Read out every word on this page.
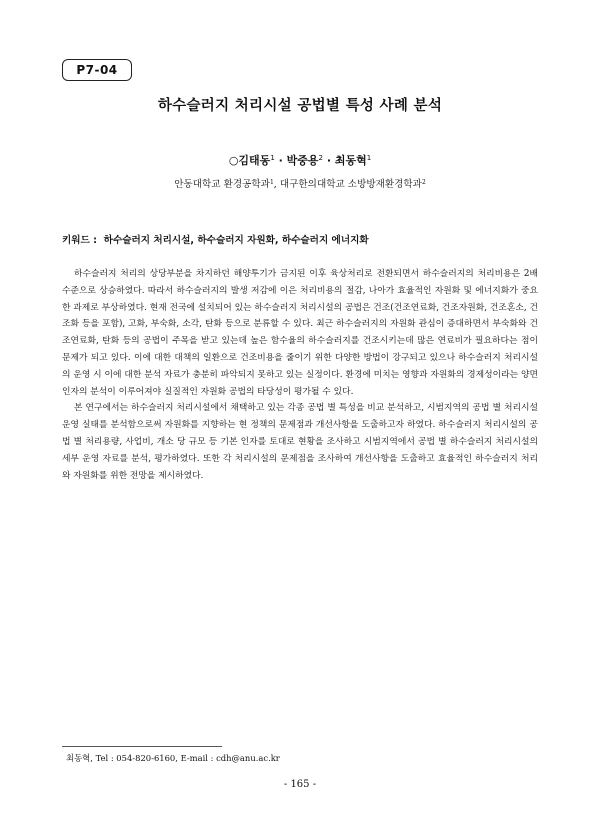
P7-04
하수슬러지 처리시설 공법별 특성 사례 분석
○김태동$^1$ · 박중용$^2$ · 최동혁$^1$
안동대학교 환경공학과$^1$, 대구한의대학교 소방방재환경학과$^2$
키워드 : 하수슬러지 처리시설, 하수슬러지 자원화, 하수슬러지 에너지화

하수슬러지 처리의 상당부분을 차지하던 해양투기가 금지된 이후 육상처리로 전환되면서 하수슬러지의 처리비용은 2배 수준으로 상승하였다. 따라서 하수슬러지의 발생 저감에 이은 처리비용의 절감, 나아가 효율적인 자원화 및 에너지화가 중요한 과제로 부상하였다. 현재 전국에 설치되어 있는 하수슬러지 처리시설의 공법은 건조(건조연료화, 건조자원화, 건조혼소, 건조화 등을 포함), 고화, 부숙화, 소각, 탄화 등으로 분류할 수 있다. 최근 하수슬러지의 자원화 관심이 증대하면서 부숙화와 건조연료화, 탄화 등의 공법이 주목을 받고 있는데 높은 함수율의 하수슬러지를 건조시키는데 많은 연료비가 필요하다는 점이 문제가 되고 있다. 이에 대한 대책의 일환으로 건조비용을 줄이기 위한 다양한 방법이 강구되고 있으나 하수슬러지 처리시설의 운영 시 이에 대한 분석 자료가 충분히 파악되지 못하고 있는 실정이다. 환경에 미치는 영향과 자원화의 경제성이라는 양면 인자의 분석이 이루어져야 실질적인 자원화 공법의 타당성이 평가될 수 있다.

본 연구에서는 하수슬러지 처리시설에서 채택하고 있는 각종 공법 별 특성을 비교 분석하고, 시범지역의 공법 별 처리시설 운영 실태를 분석함으로써 자원화를 지향하는 현 정책의 문제점과 개선사항을 도출하고자 하였다. 하수슬러지 처리시설의 공법 별 처리용량, 사업비, 개소 당 규모 등 기본 인자를 토대로 현황을 조사하고 시범지역에서 공법 별 하수슬러지 처리시설의 세부 운영 자료를 분석, 평가하였다. 또한 각 처리시설의 문제점을 조사하여 개선사항을 도출하고 효율적인 하수슬러지 처리와 자원화를 위한 전망을 제시하였다.

최동혁, Tel : 054-820-6160, E-mail : cdh@anu.ac.kr
- 165 -
